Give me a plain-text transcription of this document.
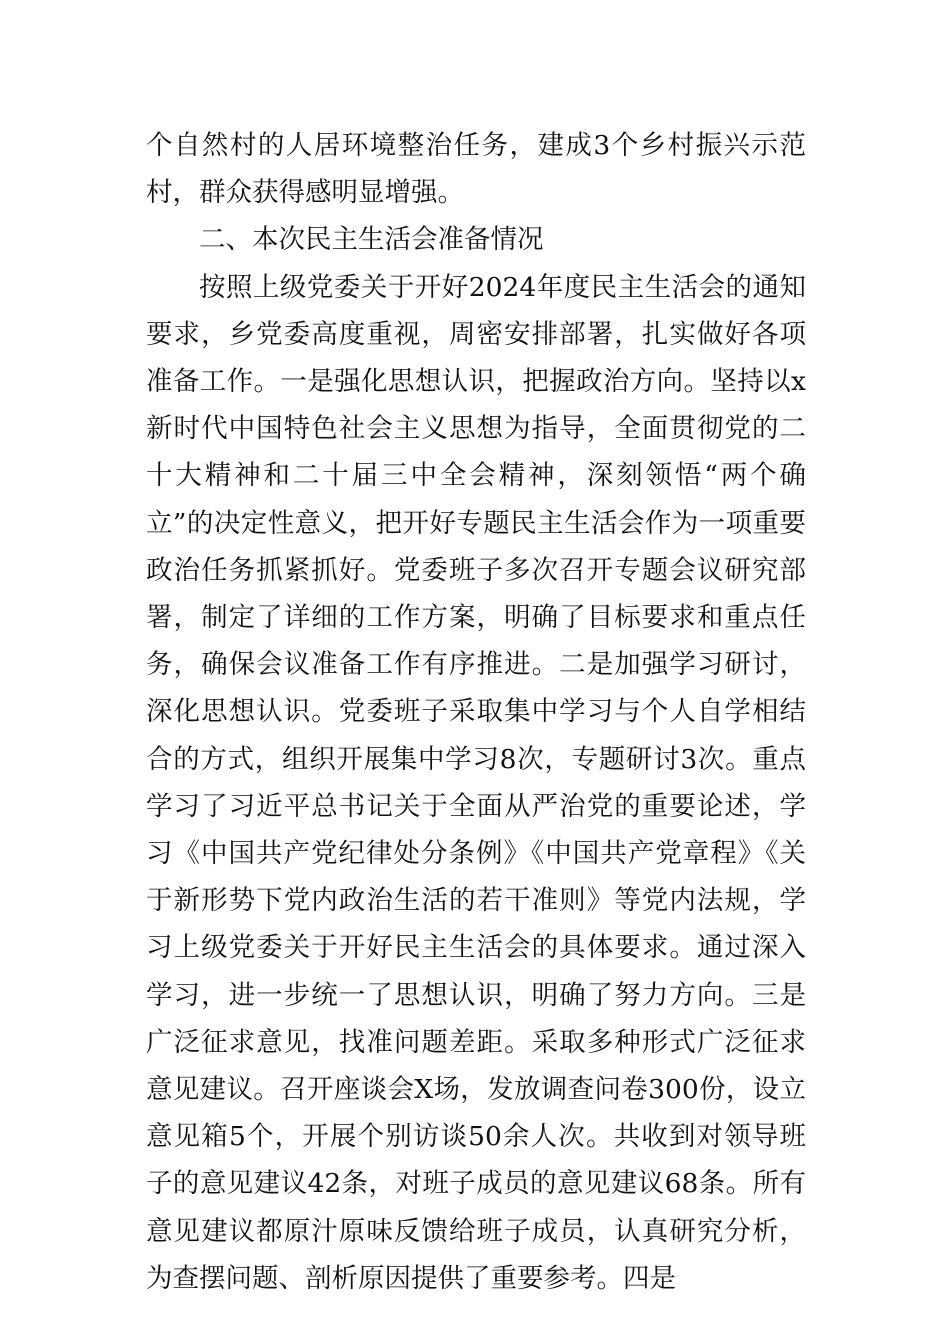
个自然村的人居环境整治任务，建成3个乡村振兴示范村，群众获得感明显增强。

二、本次民主生活会准备情况

按照上级党委关于开好2024年度民主生活会的通知要求，乡党委高度重视，周密安排部署，扎实做好各项准备工作。一是强化思想认识，把握政治方向。坚持以x新时代中国特色社会主义思想为指导，全面贯彻党的二十大精神和二十届三中全会精神，深刻领悟“两个确立”的决定性意义，把开好专题民主生活会作为一项重要政治任务抓紧抓好。党委班子多次召开专题会议研究部署，制定了详细的工作方案，明确了目标要求和重点任务，确保会议准备工作有序推进。二是加强学习研讨，深化思想认识。党委班子采取集中学习与个人自学相结合的方式，组织开展集中学习8次，专题研讨3次。重点学习了习近平总书记关于全面从严治党的重要论述，学习《中国共产党纪律处分条例》《中国共产党章程》《关于新形势下党内政治生活的若干准则》等党内法规，学习上级党委关于开好民主生活会的具体要求。通过深入学习，进一步统一了思想认识，明确了努力方向。三是广泛征求意见，找准问题差距。采取多种形式广泛征求意见建议。召开座谈会X场，发放调查问卷300份，设立意见箱5个，开展个别访谈50余人次。共收到对领导班子的意见建议42条，对班子成员的意见建议68条。所有意见建议都原汁原味反馈给班子成员，认真研究分析，为查摆问题、剖析原因提供了重要参考。四是
